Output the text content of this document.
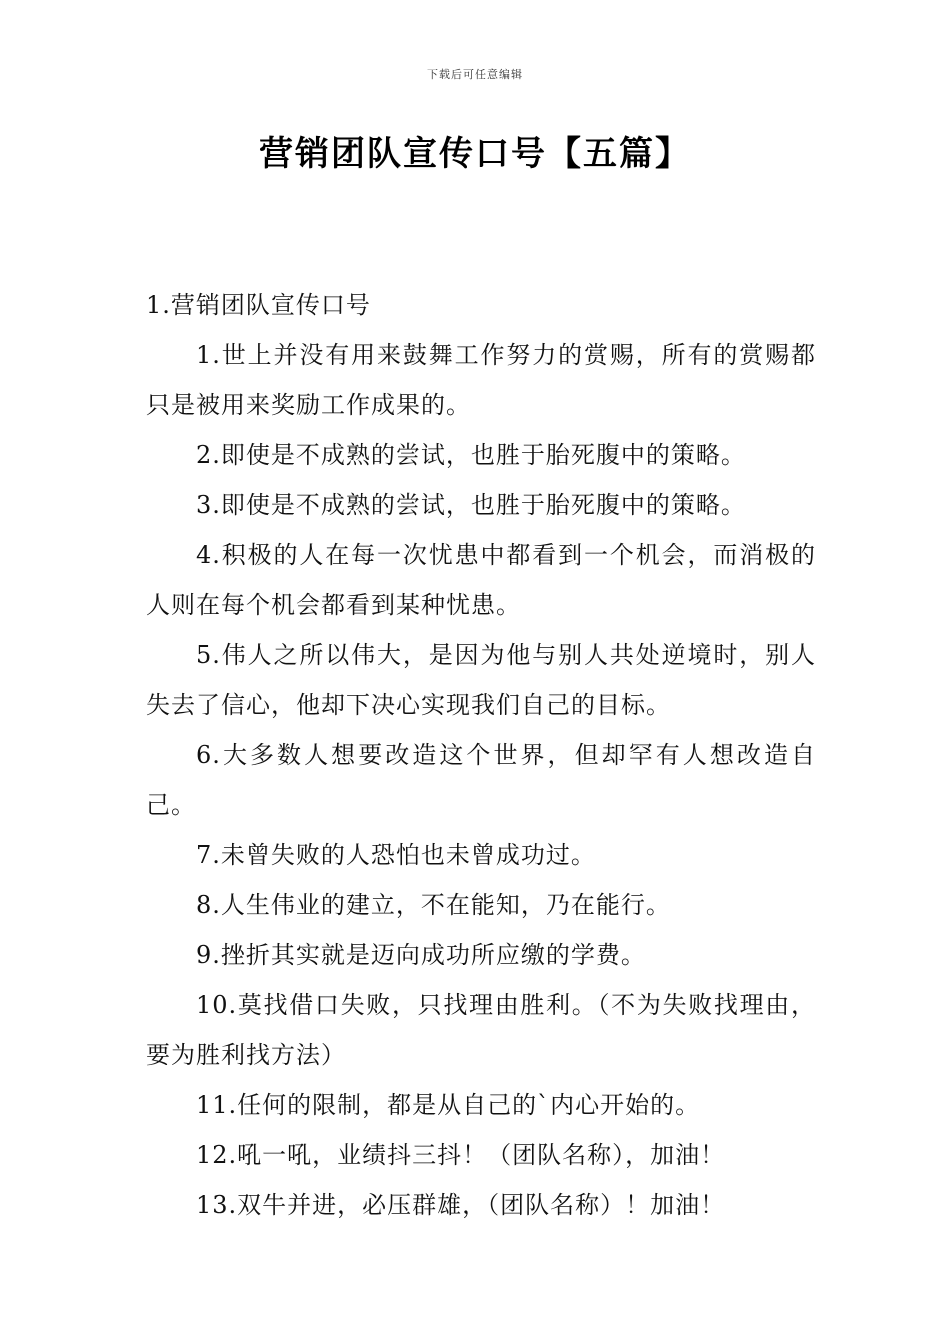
下载后可任意编辑
营销团队宣传口号【五篇】

1.营销团队宣传口号

1.世上并没有用来鼓舞工作努力的赏赐，所有的赏赐都只是被用来奖励工作成果的。

2.即使是不成熟的尝试，也胜于胎死腹中的策略。

3.即使是不成熟的尝试，也胜于胎死腹中的策略。

4.积极的人在每一次忧患中都看到一个机会，而消极的人则在每个机会都看到某种忧患。

5.伟人之所以伟大，是因为他与别人共处逆境时，别人失去了信心，他却下决心实现我们自己的目标。

6.大多数人想要改造这个世界，但却罕有人想改造自己。

7.未曾失败的人恐怕也未曾成功过。

8.人生伟业的建立，不在能知，乃在能行。

9.挫折其实就是迈向成功所应缴的学费。

10.莫找借口失败，只找理由胜利。（不为失败找理由，要为胜利找方法）

11.任何的限制，都是从自己的`内心开始的。

12.吼一吼，业绩抖三抖！（团队名称），加油！

13.双牛并进，必压群雄，（团队名称）！加油！
